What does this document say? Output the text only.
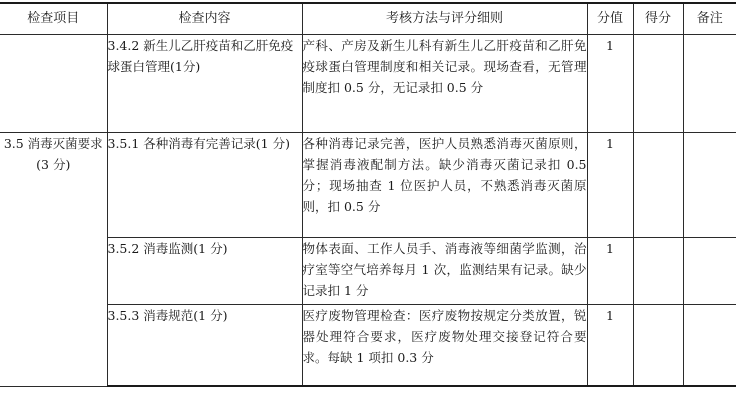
检查项目	检查内容	考核方法与评分细则	分值	得分	备注
	3.4.2 新生儿乙肝疫苗和乙肝免疫球蛋白管理(1分)	产科、产房及新生儿科有新生儿乙肝疫苗和乙肝免疫球蛋白管理制度和相关记录。现场查看，无管理制度扣 0.5 分，无记录扣 0.5 分	1		
3.5 消毒灭菌要求(3 分)	3.5.1 各种消毒有完善记录(1 分)	各种消毒记录完善，医护人员熟悉消毒灭菌原则，掌握消毒液配制方法。缺少消毒灭菌记录扣 0.5 分；现场抽查 1 位医护人员，不熟悉消毒灭菌原则，扣 0.5 分	1		
	3.5.2 消毒监测(1 分)	物体表面、工作人员手、消毒液等细菌学监测，治疗室等空气培养每月 1 次，监测结果有记录。缺少记录扣 1 分	1		
	3.5.3 消毒规范(1 分)	医疗废物管理检查：医疗废物按规定分类放置，锐器处理符合要求，医疗废物处理交接登记符合要求。每缺 1 项扣 0.3 分	1		
